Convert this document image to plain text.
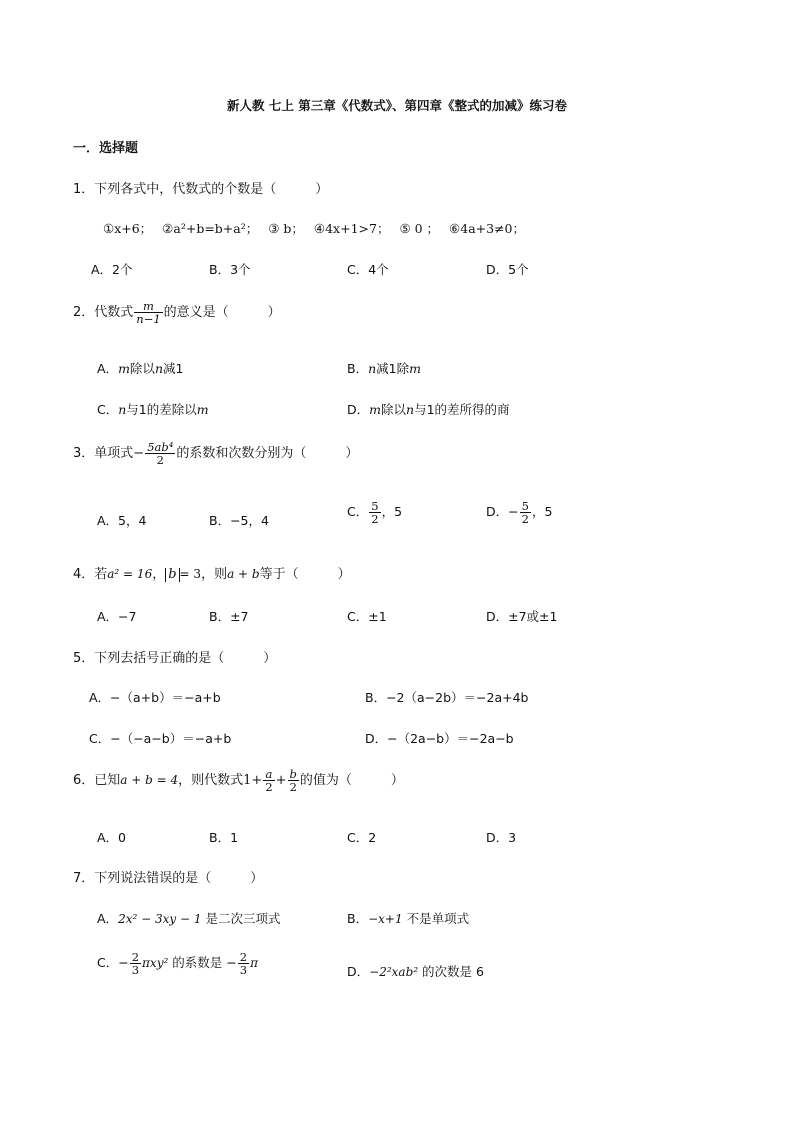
新人教 七上 第三章《代数式》、第四章《整式的加减》练习卷
一．选择题
1．下列各式中，代数式的个数是（　　　）
①x+6； ②a²+b=b+a²； ③ b； ④4x+1>7； ⑤ 0 ； ⑥4a+3≠0；
A．2个	B．3个	C．4个	D．5个
2．代数式 $\frac{m}{n-1}$ 的意义是（　　　）
A．m除以n减1	B．n减1除m
C．n与1的差除以m	D．m除以n与1的差所得的商
3．单项式− $\frac{\text{5ab⁴}}{2}$ 的系数和次数分别为（　　　）
A．5，4	B．−5，4
C． $\frac{5}{2}$ ，5	D．− $\frac{5}{2}$ ，5
4．若a² = 16， b = 3，则a + b等于（　　　）
A．−7	B．±7	C．±1	D．±7或±1
5．下列去括号正确的是（　　　）
A．−（a+b）＝−a+b	B．−2（a−2b）＝−2a+4b
C．−（−a−b）＝−a+b	D．−（2a−b）＝−2a−b
6．已知a + b = 4，则代数式$1+ \frac{a}{2} + \frac{b}{2}$ 的值为（　　　）
A．0	B．1	C．2	D．3
7．下列说法错误的是（　　　）
A．2x² − 3xy − 1 是二次三项式	B．−x+1 不是单项式
C．− $\frac{2}{3} \pi xy^2$ 的系数是 − $\frac{2}{3}$ π
D．−2²xab² 的次数是 6
